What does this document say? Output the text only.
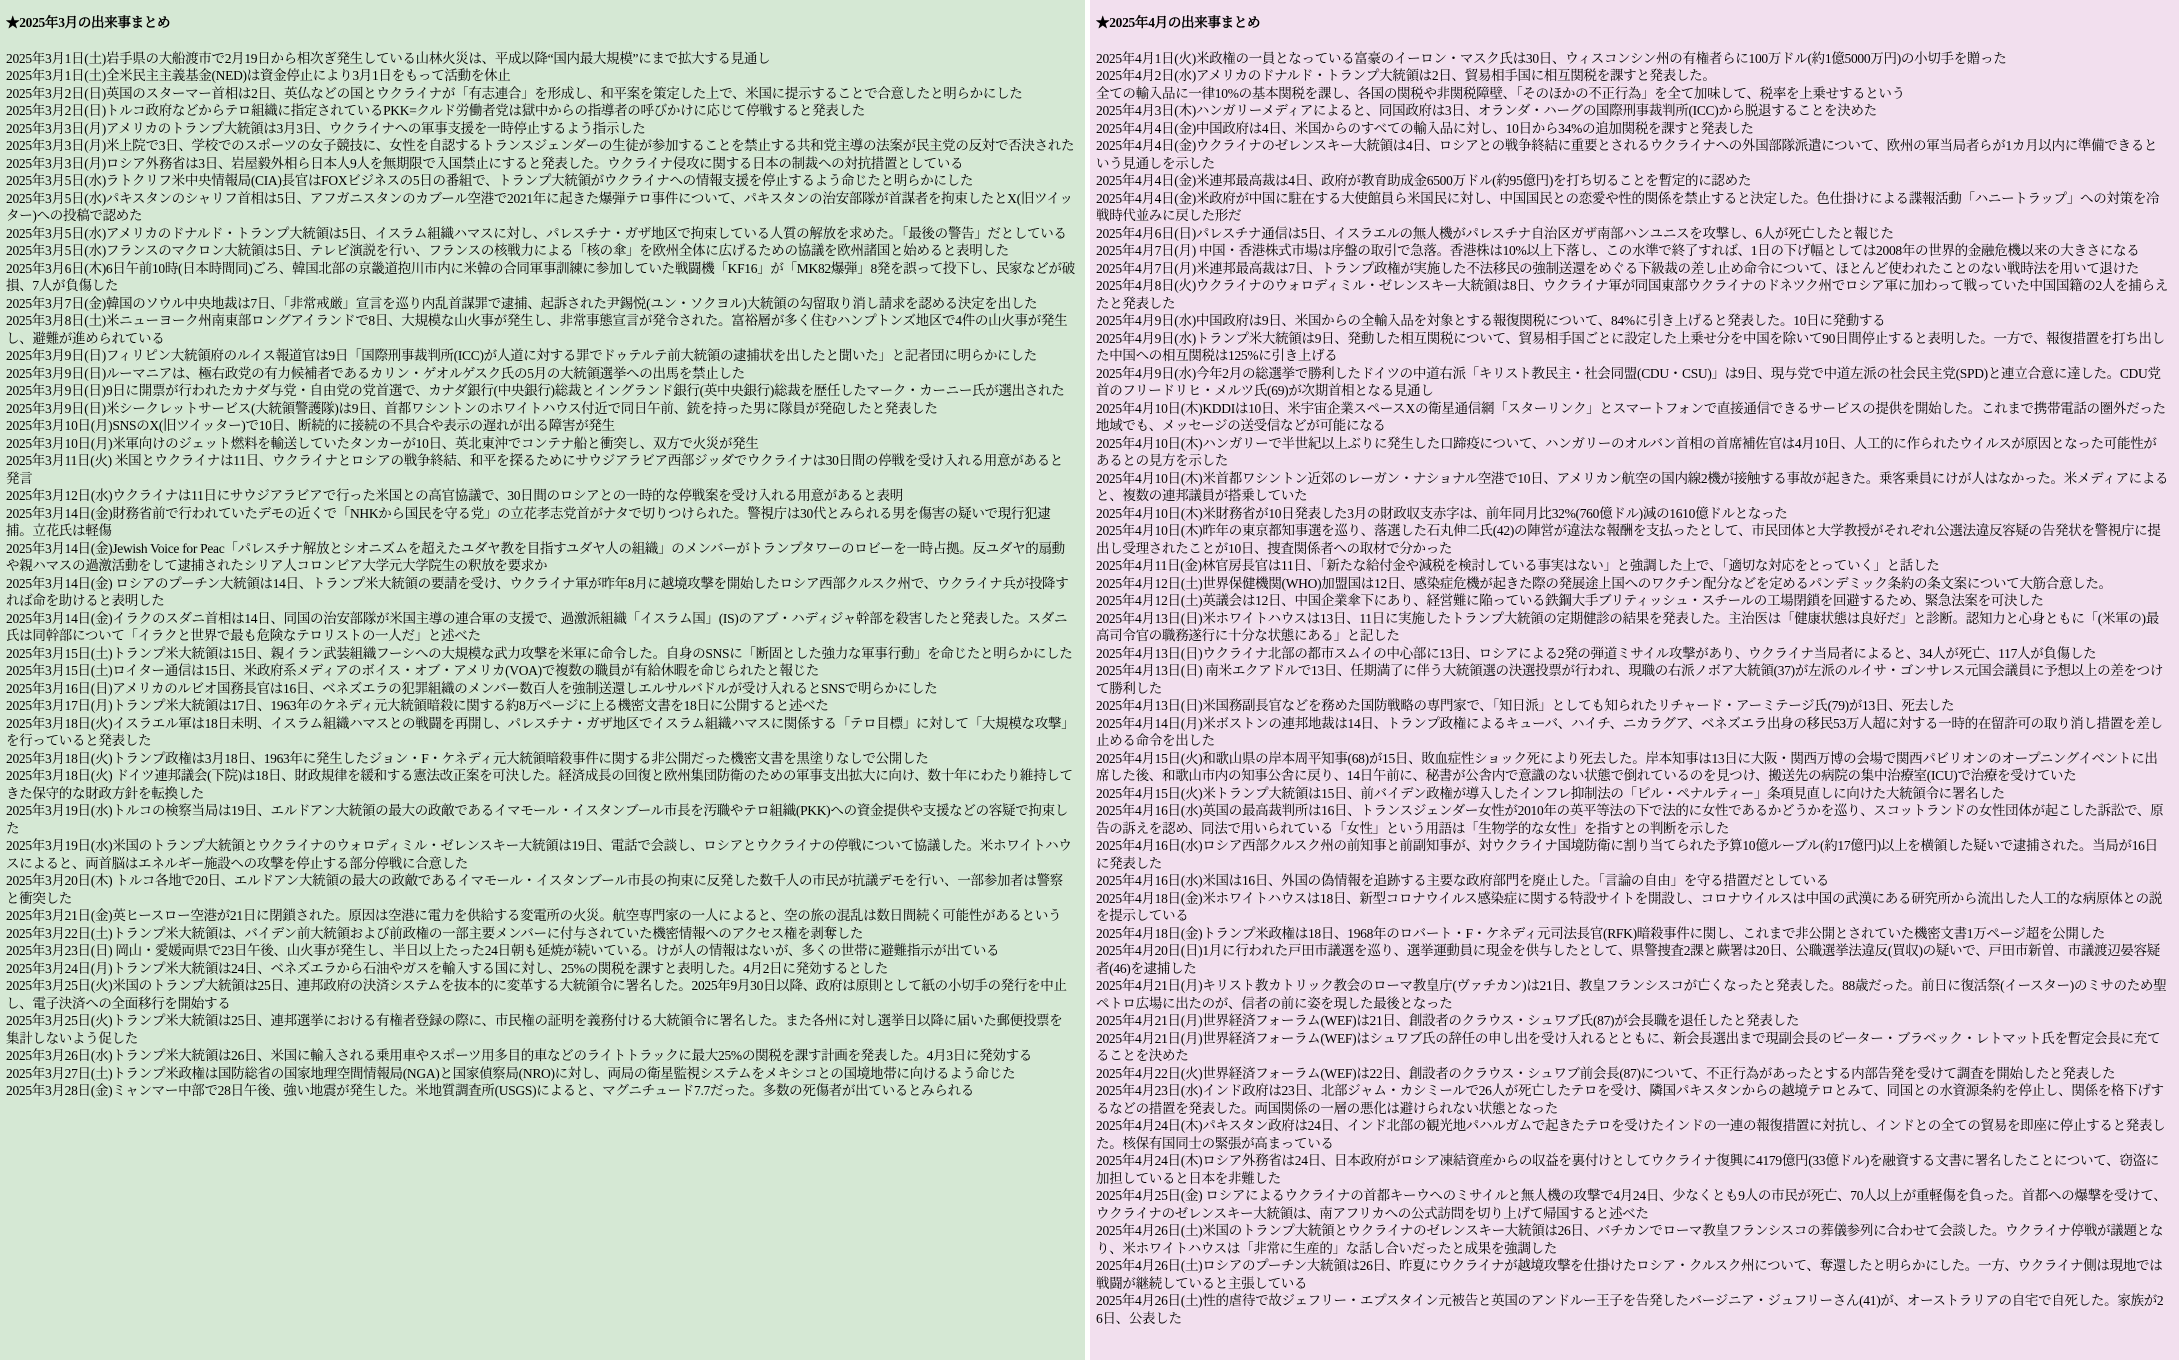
★2025年3月の出来事まとめ

2025年3月1日(土)岩手県の大船渡市で2月19日から相次ぎ発生している山林火災は、平成以降“国内最大規模”にまで拡大する見通し

2025年3月1日(土)全米民主主義基金(NED)は資金停止により3月1日をもって活動を休止

2025年3月2日(日)英国のスターマー首相は2日、英仏などの国とウクライナが「有志連合」を形成し、和平案を策定した上で、米国に提示することで合意したと明らかにした

2025年3月2日(日)トルコ政府などからテロ組織に指定されているPKK=クルド労働者党は獄中からの指導者の呼びかけに応じて停戦すると発表した

2025年3月3日(月)アメリカのトランプ大統領は3月3日、ウクライナへの軍事支援を一時停止するよう指示した

2025年3月3日(月)米上院で3日、学校でのスポーツの女子競技に、女性を自認するトランスジェンダーの生徒が参加することを禁止する共和党主導の法案が民主党の反対で否決された

2025年3月3日(月)ロシア外務省は3日、岩屋毅外相ら日本人9人を無期限で入国禁止にすると発表した。ウクライナ侵攻に関する日本の制裁への対抗措置としている

2025年3月5日(水)ラトクリフ米中央情報局(CIA)長官はFOXビジネスの5日の番組で、トランプ大統領がウクライナへの情報支援を停止するよう命じたと明らかにした

2025年3月5日(水)パキスタンのシャリフ首相は5日、アフガニスタンのカブール空港で2021年に起きた爆弾テロ事件について、パキスタンの治安部隊が首謀者を拘束したとX(旧ツイッター)への投稿で認めた

2025年3月5日(水)アメリカのドナルド・トランプ大統領は5日、イスラム組織ハマスに対し、パレスチナ・ガザ地区で拘束している人質の解放を求めた。「最後の警告」だとしている

2025年3月5日(水)フランスのマクロン大統領は5日、テレビ演説を行い、フランスの核戦力による「核の傘」を欧州全体に広げるための協議を欧州諸国と始めると表明した

2025年3月6日(木)6日午前10時(日本時間同)ごろ、韓国北部の京畿道抱川市内に米韓の合同軍事訓練に参加していた戦闘機「KF16」が「MK82爆弾」8発を誤って投下し、民家などが破損、7人が負傷した

2025年3月7日(金)韓国のソウル中央地裁は7日、「非常戒厳」宣言を巡り内乱首謀罪で逮捕、起訴された尹錫悦(ユン・ソクヨル)大統領の勾留取り消し請求を認める決定を出した

2025年3月8日(土)米ニューヨーク州南東部ロングアイランドで8日、大規模な山火事が発生し、非常事態宣言が発令された。富裕層が多く住むハンプトンズ地区で4件の山火事が発生し、避難が進められている

2025年3月9日(日)フィリピン大統領府のルイス報道官は9日「国際刑事裁判所(ICC)が人道に対する罪でドゥテルテ前大統領の逮捕状を出したと聞いた」と記者団に明らかにした

2025年3月9日(日)ルーマニアは、極右政党の有力候補者であるカリン・ゲオルゲスク氏の5月の大統領選挙への出馬を禁止した

2025年3月9日(日)9日に開票が行われたカナダ与党・自由党の党首選で、カナダ銀行(中央銀行)総裁とイングランド銀行(英中央銀行)総裁を歴任したマーク・カーニー氏が選出された

2025年3月9日(日)米シークレットサービス(大統領警護隊)は9日、首都ワシントンのホワイトハウス付近で同日午前、銃を持った男に隊員が発砲したと発表した

2025年3月10日(月)SNSのX(旧ツイッター)で10日、断続的に接続の不具合や表示の遅れが出る障害が発生

2025年3月10日(月)米軍向けのジェット燃料を輸送していたタンカーが10日、英北東沖でコンテナ船と衝突し、双方で火災が発生

2025年3月11日(火) 米国とウクライナは11日、ウクライナとロシアの戦争終結、和平を探るためにサウジアラビア西部ジッダでウクライナは30日間の停戦を受け入れる用意があると発言

2025年3月12日(水)ウクライナは11日にサウジアラビアで行った米国との高官協議で、30日間のロシアとの一時的な停戦案を受け入れる用意があると表明

2025年3月14日(金)財務省前で行われていたデモの近くで「NHKから国民を守る党」の立花孝志党首がナタで切りつけられた。警視庁は30代とみられる男を傷害の疑いで現行犯逮捕。立花氏は軽傷

2025年3月14日(金)Jewish Voice for Peac「パレスチナ解放とシオニズムを超えたユダヤ教を目指すユダヤ人の組織」のメンバーがトランプタワーのロビーを一時占拠。反ユダヤ的扇動や親ハマスの過激活動をして逮捕されたシリア人コロンビア大学元大学院生の釈放を要求か

2025年3月14日(金) ロシアのプーチン大統領は14日、トランプ米大統領の要請を受け、ウクライナ軍が昨年8月に越境攻撃を開始したロシア西部クルスク州で、ウクライナ兵が投降すれば命を助けると表明した

2025年3月14日(金)イラクのスダニ首相は14日、同国の治安部隊が米国主導の連合軍の支援で、過激派組織「イスラム国」(IS)のアブ・ハディジャ幹部を殺害したと発表した。スダニ氏は同幹部について「イラクと世界で最も危険なテロリストの一人だ」と述べた

2025年3月15日(土)トランプ米大統領は15日、親イラン武装組織フーシへの大規模な武力攻撃を米軍に命令した。自身のSNSに「断固とした強力な軍事行動」を命じたと明らかにした

2025年3月15日(土)ロイター通信は15日、米政府系メディアのボイス・オブ・アメリカ(VOA)で複数の職員が有給休暇を命じられたと報じた

2025年3月16日(日)アメリカのルビオ国務長官は16日、ベネズエラの犯罪組織のメンバー数百人を強制送還しエルサルバドルが受け入れるとSNSで明らかにした

2025年3月17日(月)トランプ米大統領は17日、1963年のケネディ元大統領暗殺に関する約8万ページに上る機密文書を18日に公開すると述べた

2025年3月18日(火)イスラエル軍は18日未明、イスラム組織ハマスとの戦闘を再開し、パレスチナ・ガザ地区でイスラム組織ハマスに関係する「テロ目標」に対して「大規模な攻撃」を行っていると発表した

2025年3月18日(火)トランプ政権は3月18日、1963年に発生したジョン・F・ケネディ元大統領暗殺事件に関する非公開だった機密文書を黒塗りなしで公開した

2025年3月18日(火) ドイツ連邦議会(下院)は18日、財政規律を緩和する憲法改正案を可決した。経済成長の回復と欧州集団防衛のための軍事支出拡大に向け、数十年にわたり維持してきた保守的な財政方針を転換した

2025年3月19日(水)トルコの検察当局は19日、エルドアン大統領の最大の政敵であるイマモール・イスタンブール市長を汚職やテロ組織(PKK)への資金提供や支援などの容疑で拘束した

2025年3月19日(水)米国のトランプ大統領とウクライナのウォロディミル・ゼレンスキー大統領は19日、電話で会談し、ロシアとウクライナの停戦について協議した。米ホワイトハウスによると、両首脳はエネルギー施設への攻撃を停止する部分停戦に合意した

2025年3月20日(木) トルコ各地で20日、エルドアン大統領の最大の政敵であるイマモール・イスタンブール市長の拘束に反発した数千人の市民が抗議デモを行い、一部参加者は警察と衝突した

2025年3月21日(金)英ヒースロー空港が21日に閉鎖された。原因は空港に電力を供給する変電所の火災。航空専門家の一人によると、空の旅の混乱は数日間続く可能性があるという

2025年3月22日(土)トランプ米大統領は、バイデン前大統領および前政権の一部主要メンバーに付与されていた機密情報へのアクセス権を剥奪した

2025年3月23日(日) 岡山・愛媛両県で23日午後、山火事が発生し、半日以上たった24日朝も延焼が続いている。けが人の情報はないが、多くの世帯に避難指示が出ている

2025年3月24日(月)トランプ米大統領は24日、ベネズエラから石油やガスを輸入する国に対し、25%の関税を課すと表明した。4月2日に発効するとした

2025年3月25日(火)米国のトランプ大統領は25日、連邦政府の決済システムを抜本的に変革する大統領令に署名した。2025年9月30日以降、政府は原則として紙の小切手の発行を中止し、電子決済への全面移行を開始する

2025年3月25日(火)トランプ米大統領は25日、連邦選挙における有権者登録の際に、市民権の証明を義務付ける大統領令に署名した。また各州に対し選挙日以降に届いた郵便投票を集計しないよう促した

2025年3月26日(水)トランプ米大統領は26日、米国に輸入される乗用車やスポーツ用多目的車などのライトトラックに最大25%の関税を課す計画を発表した。4月3日に発効する

2025年3月27日(土)トランプ米政権は国防総省の国家地理空間情報局(NGA)と国家偵察局(NRO)に対し、両局の衛星監視システムをメキシコとの国境地帯に向けるよう命じた

2025年3月28日(金)ミャンマー中部で28日午後、強い地震が発生した。米地質調査所(USGS)によると、マグニチュード7.7だった。多数の死傷者が出ているとみられる

★2025年4月の出来事まとめ

2025年4月1日(火)米政権の一員となっている富豪のイーロン・マスク氏は30日、ウィスコンシン州の有権者らに100万ドル(約1億5000万円)の小切手を贈った

2025年4月2日(水)アメリカのドナルド・トランプ大統領は2日、貿易相手国に相互関税を課すと発表した。

全ての輸入品に一律10%の基本関税を課し、各国の関税や非関税障壁、「そのほかの不正行為」を全て加味して、税率を上乗せするという

2025年4月3日(木)ハンガリーメディアによると、同国政府は3日、オランダ・ハーグの国際刑事裁判所(ICC)から脱退することを決めた

2025年4月4日(金)中国政府は4日、米国からのすべての輸入品に対し、10日から34%の追加関税を課すと発表した

2025年4月4日(金)ウクライナのゼレンスキー大統領は4日、ロシアとの戦争終結に重要とされるウクライナへの外国部隊派遣について、欧州の軍当局者らが1カ月以内に準備できるという見通しを示した

2025年4月4日(金)米連邦最高裁は4日、政府が教育助成金6500万ドル(約95億円)を打ち切ることを暫定的に認めた

2025年4月4日(金)米政府が中国に駐在する大使館員ら米国民に対し、中国国民との恋愛や性的関係を禁止すると決定した。色仕掛けによる諜報活動「ハニートラップ」への対策を冷戦時代並みに戻した形だ

2025年4月6日(日)パレスチナ通信は5日、イスラエルの無人機がパレスチナ自治区ガザ南部ハンユニスを攻撃し、6人が死亡したと報じた

2025年4月7日(月) 中国・香港株式市場は序盤の取引で急落。香港株は10%以上下落し、この水準で終了すれば、1日の下げ幅としては2008年の世界的金融危機以来の大きさになる

2025年4月7日(月)米連邦最高裁は7日、トランプ政権が実施した不法移民の強制送還をめぐる下級裁の差し止め命令について、ほとんど使われたことのない戦時法を用いて退けた

2025年4月8日(火)ウクライナのウォロディミル・ゼレンスキー大統領は8日、ウクライナ軍が同国東部ウクライナのドネツク州でロシア軍に加わって戦っていた中国国籍の2人を捕らえたと発表した

2025年4月9日(水)中国政府は9日、米国からの全輸入品を対象とする報復関税について、84%に引き上げると発表した。10日に発動する

2025年4月9日(水)トランプ米大統領は9日、発動した相互関税について、貿易相手国ごとに設定した上乗せ分を中国を除いて90日間停止すると表明した。一方で、報復措置を打ち出した中国への相互関税は125%に引き上げる

2025年4月9日(水)今年2月の総選挙で勝利したドイツの中道右派「キリスト教民主・社会同盟(CDU・CSU)」は9日、現与党で中道左派の社会民主党(SPD)と連立合意に達した。CDU党首のフリードリヒ・メルツ氏(69)が次期首相となる見通し

2025年4月10日(木)KDDIは10日、米宇宙企業スペースXの衛星通信網「スターリンク」とスマートフォンで直接通信できるサービスの提供を開始した。これまで携帯電話の圏外だった地域でも、メッセージの送受信などが可能になる

2025年4月10日(木)ハンガリーで半世紀以上ぶりに発生した口蹄疫について、ハンガリーのオルバン首相の首席補佐官は4月10日、人工的に作られたウイルスが原因となった可能性があるとの見方を示した

2025年4月10日(木)米首都ワシントン近郊のレーガン・ナショナル空港で10日、アメリカン航空の国内線2機が接触する事故が起きた。乗客乗員にけが人はなかった。米メディアによると、複数の連邦議員が搭乗していた

2025年4月10日(木)米財務省が10日発表した3月の財政収支赤字は、前年同月比32%(760億ドル)減の1610億ドルとなった

2025年4月10日(木)昨年の東京都知事選を巡り、落選した石丸伸二氏(42)の陣営が違法な報酬を支払ったとして、市民団体と大学教授がそれぞれ公選法違反容疑の告発状を警視庁に提出し受理されたことが10日、捜査関係者への取材で分かった

2025年4月11日(金)林官房長官は11日、「新たな給付金や減税を検討している事実はない」と強調した上で、「適切な対応をとっていく」と話した

2025年4月12日(土)世界保健機関(WHO)加盟国は12日、感染症危機が起きた際の発展途上国へのワクチン配分などを定めるパンデミック条約の条文案について大筋合意した。

2025年4月12日(土)英議会は12日、中国企業傘下にあり、経営難に陥っている鉄鋼大手ブリティッシュ・スチールの工場閉鎖を回避するため、緊急法案を可決した

2025年4月13日(日)米ホワイトハウスは13日、11日に実施したトランプ大統領の定期健診の結果を発表した。主治医は「健康状態は良好だ」と診断。認知力と心身ともに「(米軍の)最高司令官の職務遂行に十分な状態にある」と記した

2025年4月13日(日)ウクライナ北部の都市スムイの中心部に13日、ロシアによる2発の弾道ミサイル攻撃があり、ウクライナ当局者によると、34人が死亡、117人が負傷した

2025年4月13日(日) 南米エクアドルで13日、任期満了に伴う大統領選の決選投票が行われ、現職の右派ノボア大統領(37)が左派のルイサ・ゴンサレス元国会議員に予想以上の差をつけて勝利した

2025年4月13日(日)米国務副長官などを務めた国防戦略の専門家で、「知日派」としても知られたリチャード・アーミテージ氏(79)が13日、死去した

2025年4月14日(月)米ボストンの連邦地裁は14日、トランプ政権によるキューバ、ハイチ、ニカラグア、ベネズエラ出身の移民53万人超に対する一時的在留許可の取り消し措置を差し止める命令を出した

2025年4月15日(火)和歌山県の岸本周平知事(68)が15日、敗血症性ショック死により死去した。岸本知事は13日に大阪・関西万博の会場で関西パビリオンのオープニングイベントに出席した後、和歌山市内の知事公舎に戻り、14日午前に、秘書が公舎内で意識のない状態で倒れているのを見つけ、搬送先の病院の集中治療室(ICU)で治療を受けていた

2025年4月15日(火)米トランプ大統領は15日、前バイデン政権が導入したインフレ抑制法の「ピル・ペナルティー」条項見直しに向けた大統領令に署名した

2025年4月16日(水)英国の最高裁判所は16日、トランスジェンダー女性が2010年の英平等法の下で法的に女性であるかどうかを巡り、スコットランドの女性団体が起こした訴訟で、原告の訴えを認め、同法で用いられている「女性」という用語は「生物学的な女性」を指すとの判断を示した

2025年4月16日(水)ロシア西部クルスク州の前知事と前副知事が、対ウクライナ国境防衛に割り当てられた予算10億ルーブル(約17億円)以上を横領した疑いで逮捕された。当局が16日に発表した

2025年4月16日(水)米国は16日、外国の偽情報を追跡する主要な政府部門を廃止した。「言論の自由」を守る措置だとしている

2025年4月18日(金)米ホワイトハウスは18日、新型コロナウイルス感染症に関する特設サイトを開設し、コロナウイルスは中国の武漢にある研究所から流出した人工的な病原体との説を提示している

2025年4月18日(金)トランプ米政権は18日、1968年のロバート・F・ケネディ元司法長官(RFK)暗殺事件に関し、これまで非公開とされていた機密文書1万ページ超を公開した

2025年4月20日(日)1月に行われた戸田市議選を巡り、選挙運動員に現金を供与したとして、県警捜査2課と蕨署は20日、公職選挙法違反(買収)の疑いで、戸田市新曽、市議渡辺晏容疑者(46)を逮捕した

2025年4月21日(月)キリスト教カトリック教会のローマ教皇庁(ヴァチカン)は21日、教皇フランシスコが亡くなったと発表した。88歳だった。前日に復活祭(イースター)のミサのため聖ペトロ広場に出たのが、信者の前に姿を現した最後となった

2025年4月21日(月)世界経済フォーラム(WEF)は21日、創設者のクラウス・シュワブ氏(87)が会長職を退任したと発表した

2025年4月21日(月)世界経済フォーラム(WEF)はシュワブ氏の辞任の申し出を受け入れるとともに、新会長選出まで現副会長のピーター・ブラベック・レトマット氏を暫定会長に充てることを決めた

2025年4月22日(火)世界経済フォーラム(WEF)は22日、創設者のクラウス・シュワブ前会長(87)について、不正行為があったとする内部告発を受けて調査を開始したと発表した

2025年4月23日(水)インド政府は23日、北部ジャム・カシミールで26人が死亡したテロを受け、隣国パキスタンからの越境テロとみて、同国との水資源条約を停止し、関係を格下げするなどの措置を発表した。両国関係の一層の悪化は避けられない状態となった

2025年4月24日(木)パキスタン政府は24日、インド北部の観光地パハルガムで起きたテロを受けたインドの一連の報復措置に対抗し、インドとの全ての貿易を即座に停止すると発表した。核保有国同士の緊張が高まっている

2025年4月24日(木)ロシア外務省は24日、日本政府がロシア凍結資産からの収益を裏付けとしてウクライナ復興に4179億円(33億ドル)を融資する文書に署名したことについて、窃盗に加担していると日本を非難した

2025年4月25日(金) ロシアによるウクライナの首都キーウへのミサイルと無人機の攻撃で4月24日、少なくとも9人の市民が死亡、70人以上が重軽傷を負った。首都への爆撃を受けて、ウクライナのゼレンスキー大統領は、南アフリカへの公式訪問を切り上げて帰国すると述べた

2025年4月26日(土)米国のトランプ大統領とウクライナのゼレンスキー大統領は26日、バチカンでローマ教皇フランシスコの葬儀参列に合わせて会談した。ウクライナ停戦が議題となり、米ホワイトハウスは「非常に生産的」な話し合いだったと成果を強調した

2025年4月26日(土)ロシアのプーチン大統領は26日、昨夏にウクライナが越境攻撃を仕掛けたロシア・クルスク州について、奪還したと明らかにした。一方、ウクライナ側は現地では戦闘が継続していると主張している

2025年4月26日(土)性的虐待で故ジェフリー・エプスタイン元被告と英国のアンドルー王子を告発したバージニア・ジュフリーさん(41)が、オーストラリアの自宅で自死した。家族が26日、公表した
